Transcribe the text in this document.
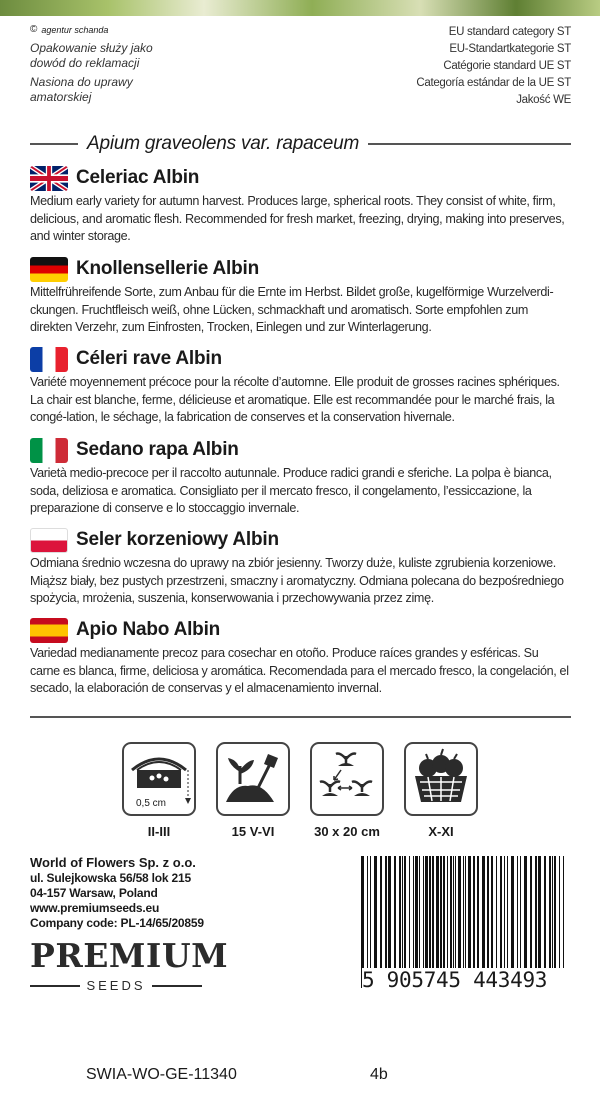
© agentur schanda
Opakowanie służy jako
dowód do reklamacji
Nasiona do uprawy
amatorskiej
EU standard category ST
EU-Standartkategorie ST
Catégorie standard UE ST
Categoría estándar de la UE ST
Jakość WE
Apium graveolens var. rapaceum
Celeriac Albin
Medium early variety for autumn harvest. Produces large, spherical roots. They consist of white, firm, delicious, and aromatic flesh. Recommended for fresh market, freezing, drying, making into preserves, and winter storage.
Knollensellerie Albin
Mittelfrühreifende Sorte, zum Anbau für die Ernte im Herbst. Bildet große, kugelförmige Wurzelverdi-ckungen. Fruchtfleisch weiß, ohne Lücken, schmackhaft und aromatisch. Sorte empfohlen zum direkten Verzehr, zum Einfrosten, Trocken, Einlegen und zur Winterlagerung.
Céleri rave Albin
Variété moyennement précoce pour la récolte d’automne. Elle produit de grosses racines sphériques. La chair est blanche, ferme, délicieuse et aromatique. Elle est recommandée pour le marché frais, la congé-lation, le séchage, la fabrication de conserves et la conservation hivernale.
Sedano rapa Albin
Varietà medio-precoce per il raccolto autunnale. Produce radici grandi e sferiche. La polpa è bianca, soda, deliziosa e aromatica. Consigliato per il mercato fresco, il congelamento, l’essiccazione, la preparazione di conserve e lo stoccaggio invernale.
Seler korzeniowy Albin
Odmiana średnio wczesna do uprawy na zbiór jesienny. Tworzy duże, kuliste zgrubienia korzeniowe. Miąższ biały, bez pustych przestrzeni, smaczny i aromatyczny. Odmiana polecana do bezpośredniego spożycia, mrożenia, suszenia, konserwowania i przechowywania przez zimę.
Apio Nabo Albin
Variedad medianamente precoz para cosechar en otoño. Produce raíces grandes y esféricas. Su carne es blanca, firme, deliciosa y aromática. Recomendada para el mercado fresco, la congelación, el secado, la elaboración de conservas y el almacenamiento invernal.
0,5 cm
II-III	15 V-VI	30 x 20 cm	X-XI
World of Flowers Sp. z o.o.
ul. Sulejkowska 56/58 lok 215
04-157 Warsaw, Poland
www.premiumseeds.eu
Company code: PL-14/65/20859
PREMIUM
SEEDS	5 905745 443493
SWIA-WO-GE-11340	4b
